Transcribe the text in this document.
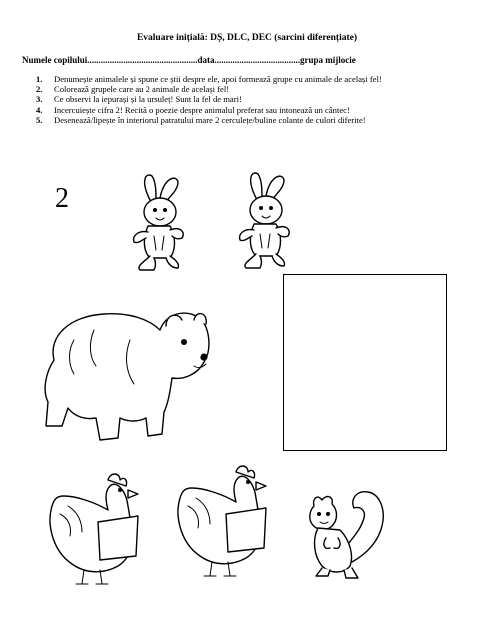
Evaluare inițială: DȘ, DLC, DEC (sarcini diferențiate)
Numele copilului.................................................data......................................grupa mijlocie
1. Denumește animalele și spune ce știi despre ele, apoi formează grupe cu animale de același fel!
2. Colorează grupele care au 2 animale de același fel!
3. Ce observi la iepurași și la ursuleț! Sunt la fel de mari!
4. Incercuiește cifra 2! Recită o poezie despre animalul preferat sau intonează un cântec!
5. Desenează/lipește în interiorul patratului mare 2 cerculețe/buline colante de culori diferite!
2
